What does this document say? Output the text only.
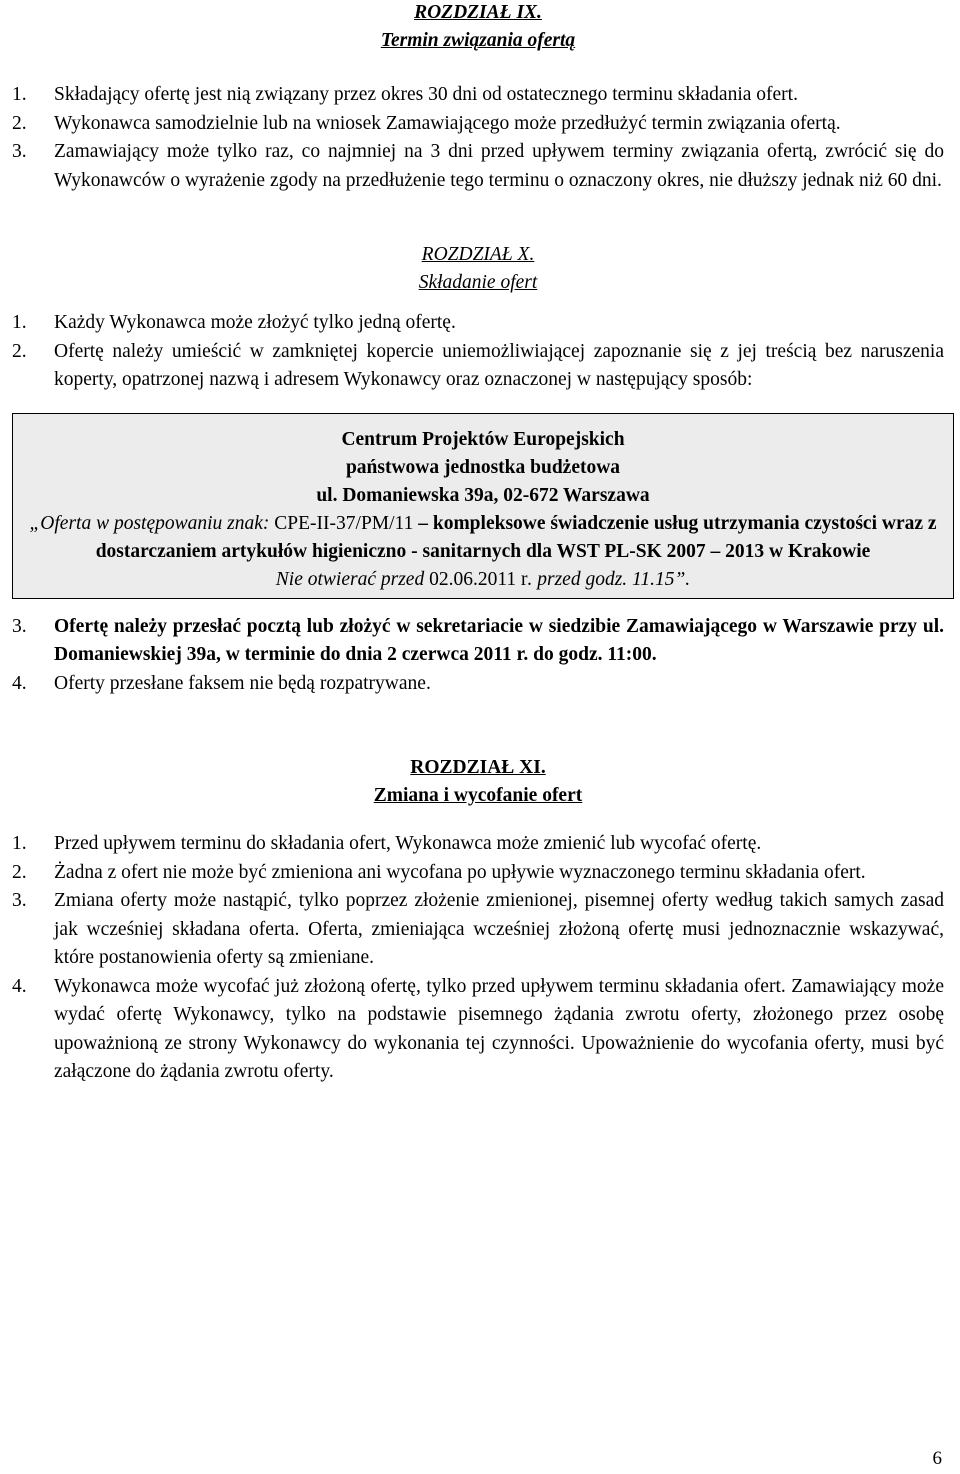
ROZDZIAŁ IX.
Termin związania ofertą
1. Składający ofertę jest nią związany przez okres 30 dni od ostatecznego terminu składania ofert.
2. Wykonawca samodzielnie lub na wniosek Zamawiającego może przedłużyć termin związania ofertą.
3. Zamawiający może tylko raz, co najmniej na 3 dni przed upływem terminy związania ofertą, zwrócić się do Wykonawców o wyrażenie zgody na przedłużenie tego terminu o oznaczony okres, nie dłuższy jednak niż 60 dni.
ROZDZIAŁ X.
Składanie ofert
1. Każdy Wykonawca może złożyć tylko jedną ofertę.
2. Ofertę należy umieścić w zamkniętej kopercie uniemożliwiającej zapoznanie się z jej treścią bez naruszenia koperty, opatrzonej nazwą i adresem Wykonawcy oraz oznaczonej w następujący sposób:
Centrum Projektów Europejskich
państwowa jednostka budżetowa
ul. Domaniewska 39a, 02-672 Warszawa
„Oferta w postępowaniu znak: CPE-II-37/PM/11 – kompleksowe świadczenie usług utrzymania czystości wraz z dostarczaniem artykułów higieniczno - sanitarnych dla WST PL-SK 2007 – 2013 w Krakowie
Nie otwierać przed 02.06.2011 r. przed godz. 11.15”.
3. Ofertę należy przesłać pocztą lub złożyć w sekretariacie w siedzibie Zamawiającego w Warszawie przy ul. Domaniewskiej 39a, w terminie do dnia 2 czerwca 2011 r. do godz. 11:00.
4. Oferty przesłane faksem nie będą rozpatrywane.
ROZDZIAŁ XI.
Zmiana i wycofanie ofert
1. Przed upływem terminu do składania ofert, Wykonawca może zmienić lub wycofać ofertę.
2. Żadna z ofert nie może być zmieniona ani wycofana po upływie wyznaczonego terminu składania ofert.
3. Zmiana oferty może nastąpić, tylko poprzez złożenie zmienionej, pisemnej oferty według takich samych zasad jak wcześniej składana oferta. Oferta, zmieniająca wcześniej złożoną ofertę musi jednoznacznie wskazywać, które postanowienia oferty są zmieniane.
4. Wykonawca może wycofać już złożoną ofertę, tylko przed upływem terminu składania ofert. Zamawiający może wydać ofertę Wykonawcy, tylko na podstawie pisemnego żądania zwrotu oferty, złożonego przez osobę upoważnioną ze strony Wykonawcy do wykonania tej czynności. Upoważnienie do wycofania oferty, musi być załączone do żądania zwrotu oferty.
6
